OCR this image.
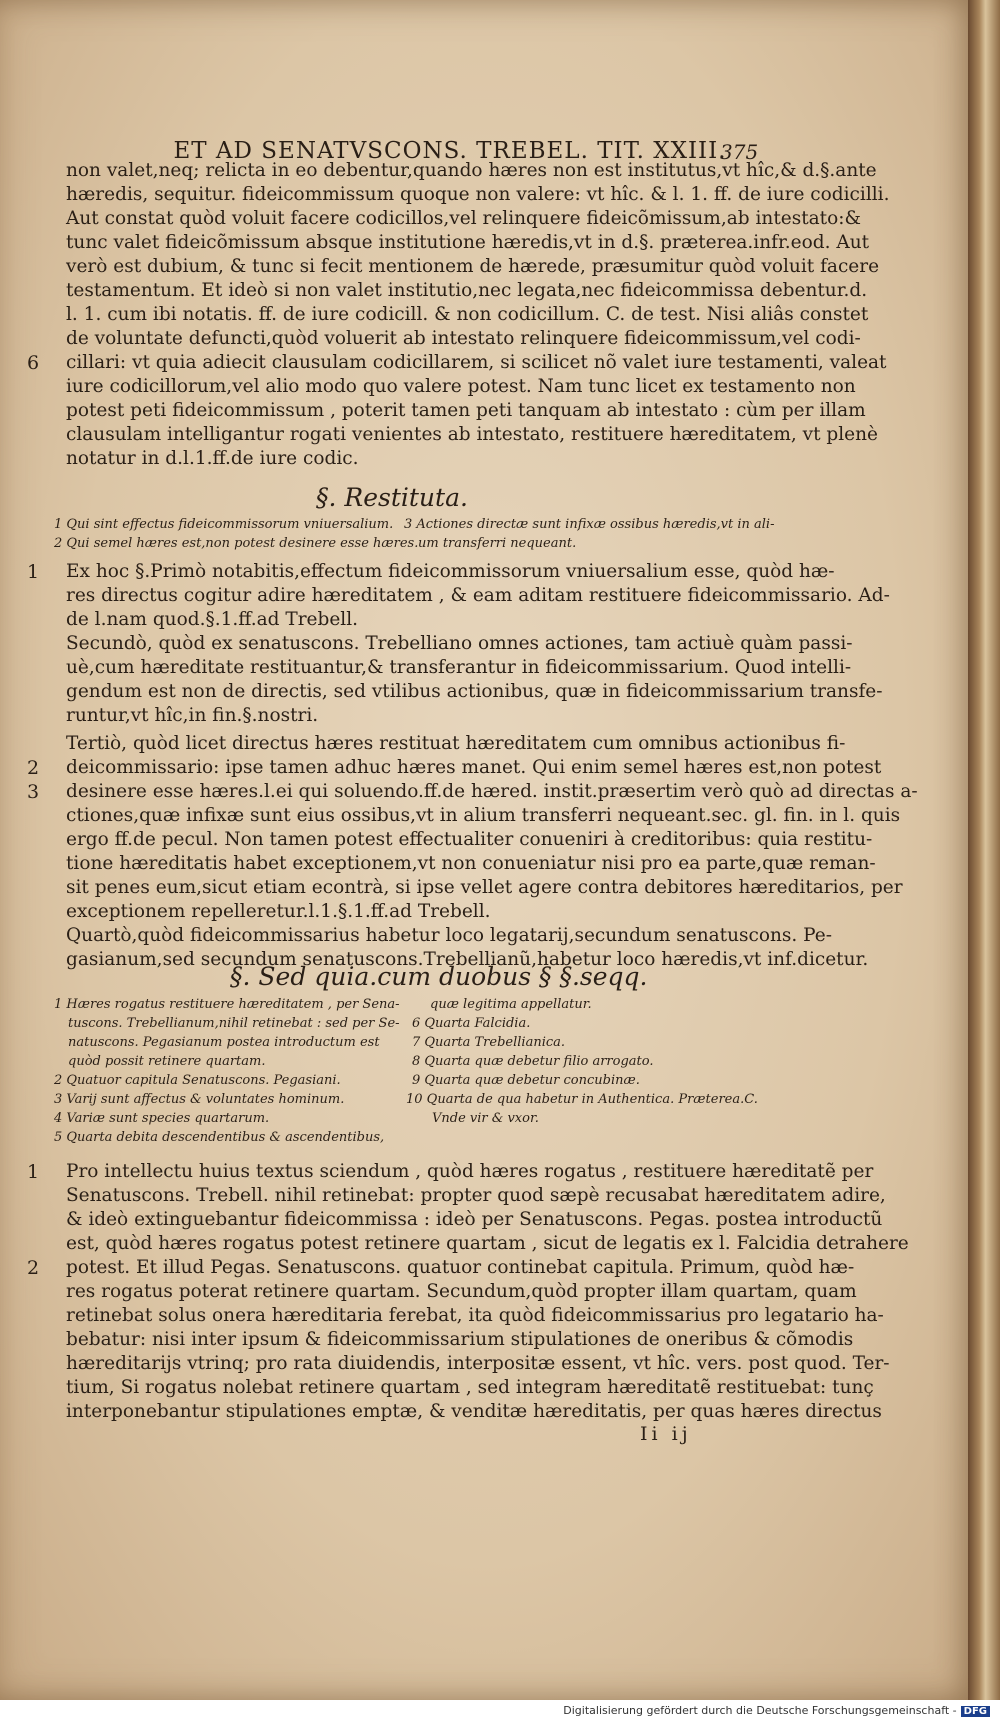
ET AD SENATVSCONS. TREBEL. TIT. XXIII.
375
non valet,neq; relicta in eo debentur,quando hæres non est institutus,vt hîc,& d.§.ante
hæredis, sequitur. fideicommissum quoque non valere: vt hîc. & l. 1. ff. de iure codicilli.
Aut constat quòd voluit facere codicillos,vel relinquere fideicõmissum,ab intestato:&
tunc valet fideicõmissum absque institutione hæredis,vt in d.§. præterea.infr.eod. Aut
verò est dubium, & tunc si fecit mentionem de hærede, præsumitur quòd voluit facere
testamentum. Et ideò si non valet institutio,nec legata,nec fideicommissa debentur.d.
l. 1. cum ibi notatis. ff. de iure codicill. & non codicillum. C. de test. Nisi aliâs constet
de voluntate defuncti,quòd voluerit ab intestato relinquere fideicommissum,vel codi-
cillari: vt quia adiecit clausulam codicillarem, si scilicet nõ valet iure testamenti, valeat
iure codicillorum,vel alio modo quo valere potest. Nam tunc licet ex testamento non
potest peti fideicommissum , poterit tamen peti tanquam ab intestato : cùm per illam
clausulam intelligantur rogati venientes ab intestato, restituere hæreditatem, vt plenè
notatur in d.l.1.ff.de iure codic.
6
§. Restituta.
1 Qui sint effectus fideicommissorum vniuersalium.
2 Qui semel hæres est,non potest desinere esse hæres.
3 Actiones directæ sunt infixæ ossibus hæredis,vt in ali-
um transferri nequeant.
Ex hoc §.Primò notabitis,effectum fideicommissorum vniuersalium esse, quòd hæ-
res directus cogitur adire hæreditatem , & eam aditam restituere fideicommissario. Ad-
de l.nam quod.§.1.ff.ad Trebell.
Secundò, quòd ex senatuscons. Trebelliano omnes actiones, tam actiuè quàm passi-
uè,cum hæreditate restituantur,& transferantur in fideicommissarium. Quod intelli-
gendum est non de directis, sed vtilibus actionibus, quæ in fideicommissarium transfe-
runtur,vt hîc,in fin.§.nostri.
Tertiò, quòd licet directus hæres restituat hæreditatem cum omnibus actionibus fi-
deicommissario: ipse tamen adhuc hæres manet. Qui enim semel hæres est,non potest
desinere esse hæres.l.ei qui soluendo.ff.de hæred. instit.præsertim verò quò ad directas a-
ctiones,quæ infixæ sunt eius ossibus,vt in alium transferri nequeant.sec. gl. fin. in l. quis
ergo ff.de pecul. Non tamen potest effectualiter conueniri à creditoribus: quia restitu-
tione hæreditatis habet exceptionem,vt non conueniatur nisi pro ea parte,quæ reman-
sit penes eum,sicut etiam econtrà, si ipse vellet agere contra debitores hæreditarios, per
exceptionem repelleretur.l.1.§.1.ff.ad Trebell.
Quartò,quòd fideicommissarius habetur loco legatarij,secundum senatuscons. Pe-
gasianum,sed secundum senatuscons.Trebellianũ,habetur loco hæredis,vt inf.dicetur.
1
2
3
§. Sed quia.cum duobus § §.seqq.
1 Hæres rogatus restituere hæreditatem , per Sena-
tuscons. Trebellianum,nihil retinebat : sed per Se-
natuscons. Pegasianum postea introductum est
quòd possit retinere quartam.
2 Quatuor capitula Senatuscons. Pegasiani.
3 Varij sunt affectus & voluntates hominum.
4 Variæ sunt species quartarum.
5 Quarta debita descendentibus & ascendentibus,
quæ legitima appellatur.
6 Quarta Falcidia.
7 Quarta Trebellianica.
8 Quarta quæ debetur filio arrogato.
9 Quarta quæ debetur concubinæ.
10 Quarta de qua habetur in Authentica. Præterea.C.
Vnde vir & vxor.
Pro intellectu huius textus sciendum , quòd hæres rogatus , restituere hæreditatẽ per
Senatuscons. Trebell. nihil retinebat: propter quod sæpè recusabat hæreditatem adire,
& ideò extinguebantur fideicommissa : ideò per Senatuscons. Pegas. postea introductũ
est, quòd hæres rogatus potest retinere quartam , sicut de legatis ex l. Falcidia detrahere
potest. Et illud Pegas. Senatuscons. quatuor continebat capitula. Primum, quòd hæ-
res rogatus poterat retinere quartam. Secundum,quòd propter illam quartam, quam
retinebat solus onera hæreditaria ferebat, ita quòd fideicommissarius pro legatario ha-
bebatur: nisi inter ipsum & fideicommissarium stipulationes de oneribus & cõmodis
hæreditarijs vtrinq; pro rata diuidendis, interpositæ essent, vt hîc. vers. post quod. Ter-
tium, Si rogatus nolebat retinere quartam , sed integram hæreditatẽ restituebat: tunç
interponebantur stipulationes emptæ, & venditæ hæreditatis, per quas hæres directus
1
2
Ii ij
Digitalisierung gefördert durch die Deutsche Forschungsgemeinschaft - DFG
